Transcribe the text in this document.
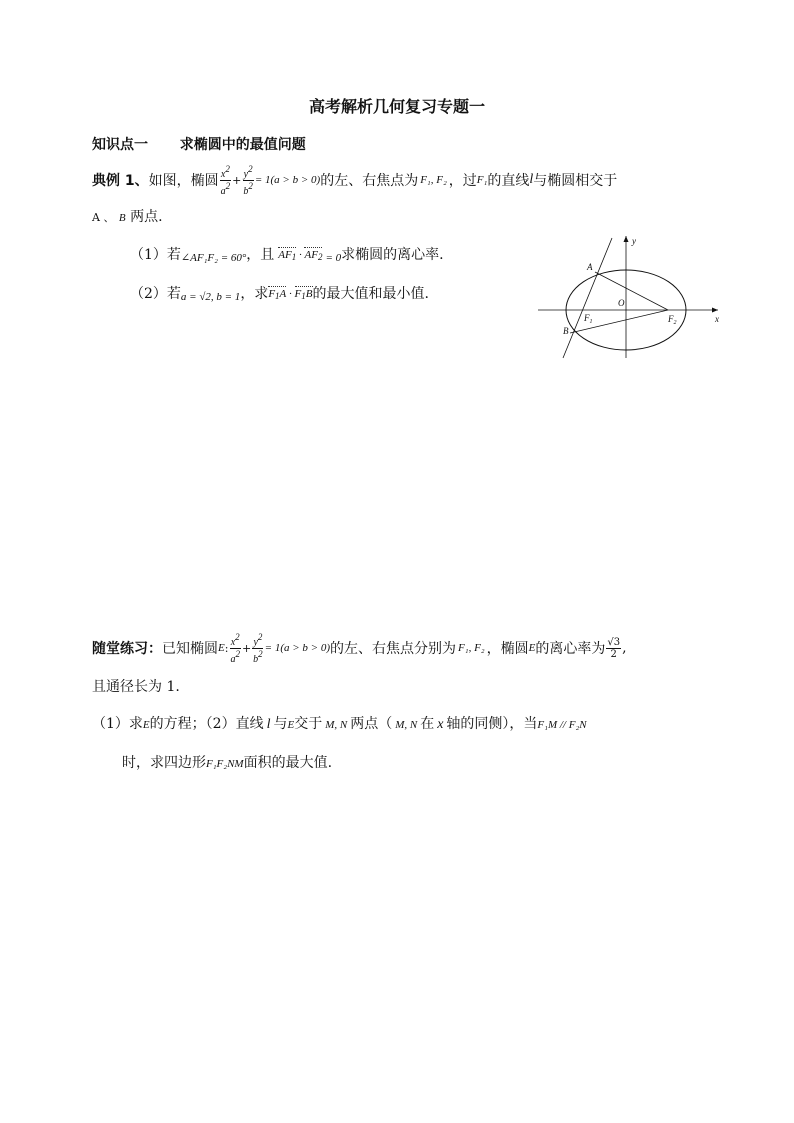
高考解析几何复习专题一
知识点一 求椭圆中的最值问题
典例 1、 如图，椭圆 $\frac{x^2}{a^2} + \frac{y^2}{b^2} = 1(a > b > 0)$ 的左、右焦点为 F₁, F₂ ，过 F₁ 的直线 l 与椭圆相交于
A 、 B 两点.
（1）若 ∠AF₁F₂ = 60° ，且 $AF_1 \cdot AF_2 = 0$ 求椭圆的离心率.
（2）若 a = √2, b = 1 ，求 $F_1A \cdot F_1B$ 的最大值和最小值.
y
x
O
A
B
$F_1$	$F_2$
随堂练习： 已知椭圆 E : $\frac{x^2}{a^2} + \frac{y^2}{b^2} = 1(a > b > 0)$ 的左、右焦点分别为 F₁, F₂ ，椭圆 E 的离心率为 $\frac{√3}{2}$ ,
且通径长为 1.
（1）求 E 的方程；（2）直线 l 与 E 交于 M, N 两点（ M, N 在 x 轴的同侧），当 F₁M // F₂N
时，求四边形 F₁F₂NM 面积的最大值.
